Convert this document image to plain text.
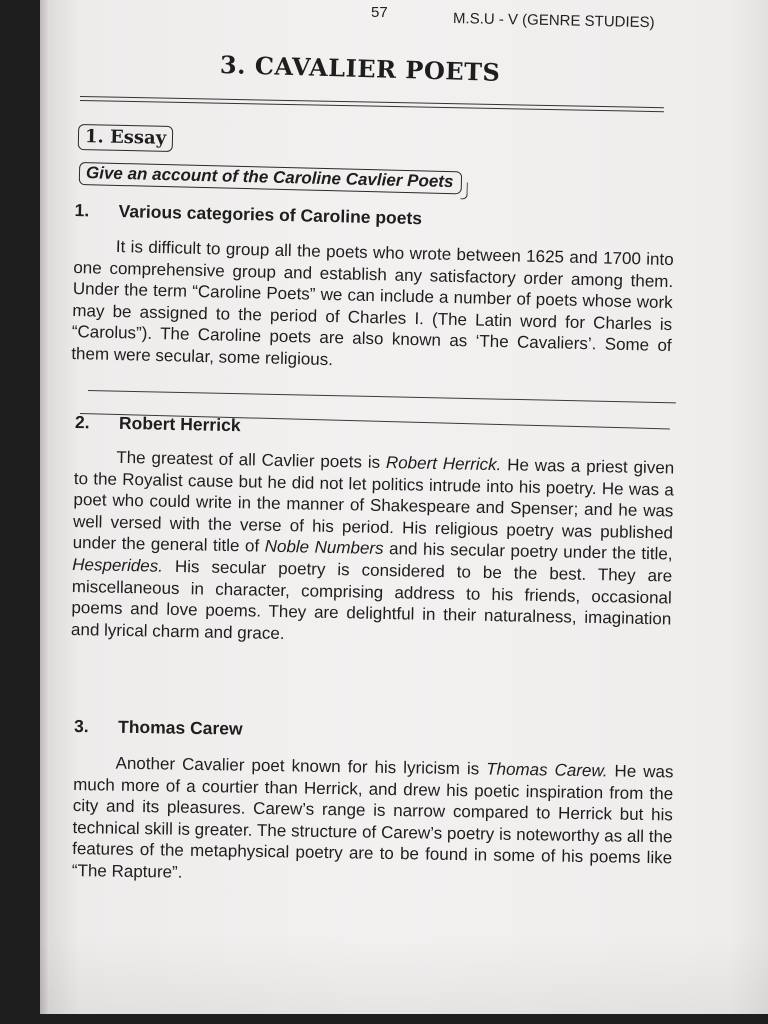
57	M.S.U - V (GENRE STUDIES)
3. CAVALIER POETS
1. Essay
Give an account of the Caroline Cavlier Poets
1. Various categories of Caroline poets

It is difficult to group all the poets who wrote between 1625 and 1700 into one comprehensive group and establish any satisfactory order among them. Under the term “Caroline Poets” we can include a number of poets whose work may be assigned to the period of Charles I. (The Latin word for Charles is “Carolus”). The Caroline poets are also known as ‘The Cavaliers’. Some of them were secular, some religious.

2. Robert Herrick

The greatest of all Cavlier poets is Robert Herrick. He was a priest given to the Royalist cause but he did not let politics intrude into his poetry. He was a poet who could write in the manner of Shakespeare and Spenser; and he was well versed with the verse of his period. His religious poetry was published under the general title of Noble Numbers and his secular poetry under the title, Hesperides. His secular poetry is considered to be the best. They are miscellaneous in character, comprising address to his friends, occasional poems and love poems. They are delightful in their naturalness, imagination and lyrical charm and grace.

3. Thomas Carew

Another Cavalier poet known for his lyricism is Thomas Carew. He was much more of a courtier than Herrick, and drew his poetic inspiration from the city and its pleasures. Carew’s range is narrow compared to Herrick but his technical skill is greater. The structure of Carew’s poetry is noteworthy as all the features of the metaphysical poetry are to be found in some of his poems like “The Rapture”.
